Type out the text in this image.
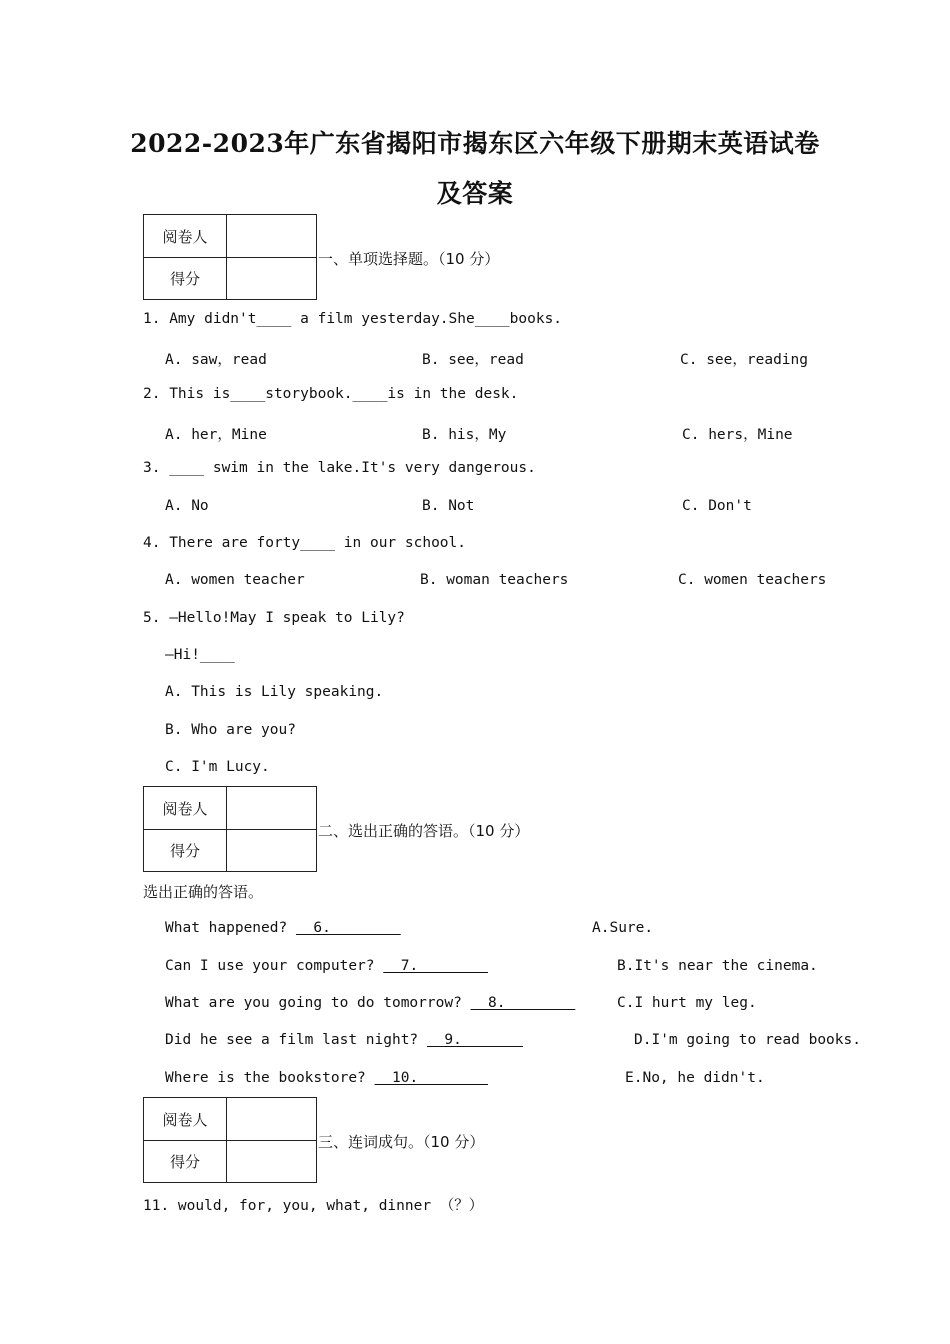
2022-2023年广东省揭阳市揭东区六年级下册期末英语试卷
及答案
阅卷人
得分
一、单项选择题。（10 分）
1. Amy didn't____ a film yesterday.She____books.
A. saw，read	B. see，read	C. see，reading
2. This is____storybook.____is in the desk.
A. her，Mine	B. his，My	C. hers，Mine
3. ____ swim in the lake.It's very dangerous.
A. No	B. Not	C. Don't
4. There are forty____ in our school.
A. women teacher	B. woman teachers	C. women teachers
5. —Hello!May I speak to Lily?
—Hi!____
A. This is Lily speaking.
B. Who are you?
C. I'm Lucy.
阅卷人
得分
二、选出正确的答语。（10 分）
选出正确的答语。
What happened?   6.	A.Sure.
Can I use your computer?   7.	B.It's near the cinema.
What are you going to do tomorrow?   8.	C.I hurt my leg.
Did he see a film last night?   9.	D.I'm going to read books.
Where is the bookstore?   10.	E.No, he didn't.
阅卷人
得分
三、连词成句。（10 分）
11. would, for, you, what, dinner （？）
